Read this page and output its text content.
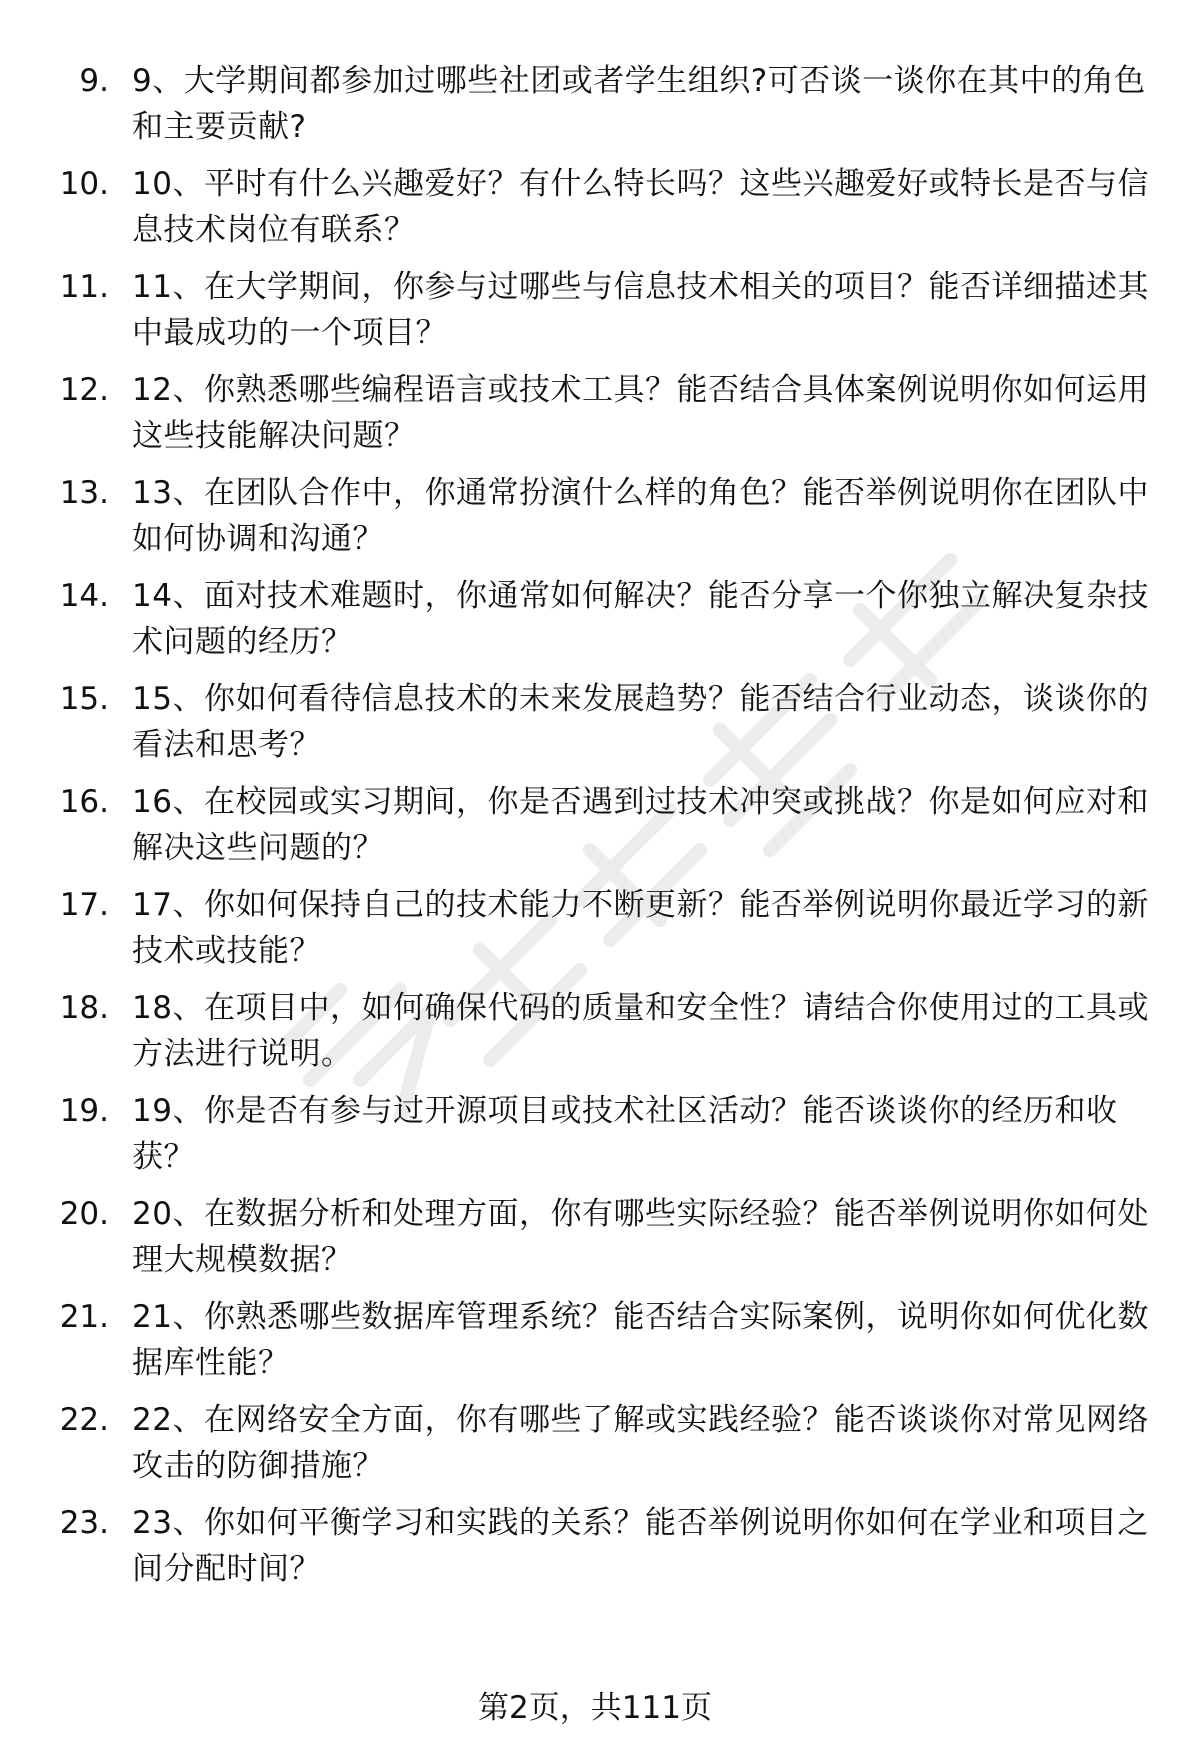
9. 9、大学期间都参加过哪些社团或者学生组织?可否谈一谈你在其中的角色和主要贡献?
10. 10、平时有什么兴趣爱好？有什么特长吗？这些兴趣爱好或特长是否与信息技术岗位有联系？
11. 11、在大学期间，你参与过哪些与信息技术相关的项目？能否详细描述其中最成功的一个项目？
12. 12、你熟悉哪些编程语言或技术工具？能否结合具体案例说明你如何运用这些技能解决问题？
13. 13、在团队合作中，你通常扮演什么样的角色？能否举例说明你在团队中如何协调和沟通？
14. 14、面对技术难题时，你通常如何解决？能否分享一个你独立解决复杂技术问题的经历？
15. 15、你如何看待信息技术的未来发展趋势？能否结合行业动态，谈谈你的看法和思考？
16. 16、在校园或实习期间，你是否遇到过技术冲突或挑战？你是如何应对和解决这些问题的？
17. 17、你如何保持自己的技术能力不断更新？能否举例说明你最近学习的新技术或技能？
18. 18、在项目中，如何确保代码的质量和安全性？请结合你使用过的工具或方法进行说明。
19. 19、你是否有参与过开源项目或技术社区活动？能否谈谈你的经历和收获？
20. 20、在数据分析和处理方面，你有哪些实际经验？能否举例说明你如何处理大规模数据？
21. 21、你熟悉哪些数据库管理系统？能否结合实际案例，说明你如何优化数据库性能？
22. 22、在网络安全方面，你有哪些了解或实践经验？能否谈谈你对常见网络攻击的防御措施？
23. 23、你如何平衡学习和实践的关系？能否举例说明你如何在学业和项目之间分配时间？
第2页，共111页
